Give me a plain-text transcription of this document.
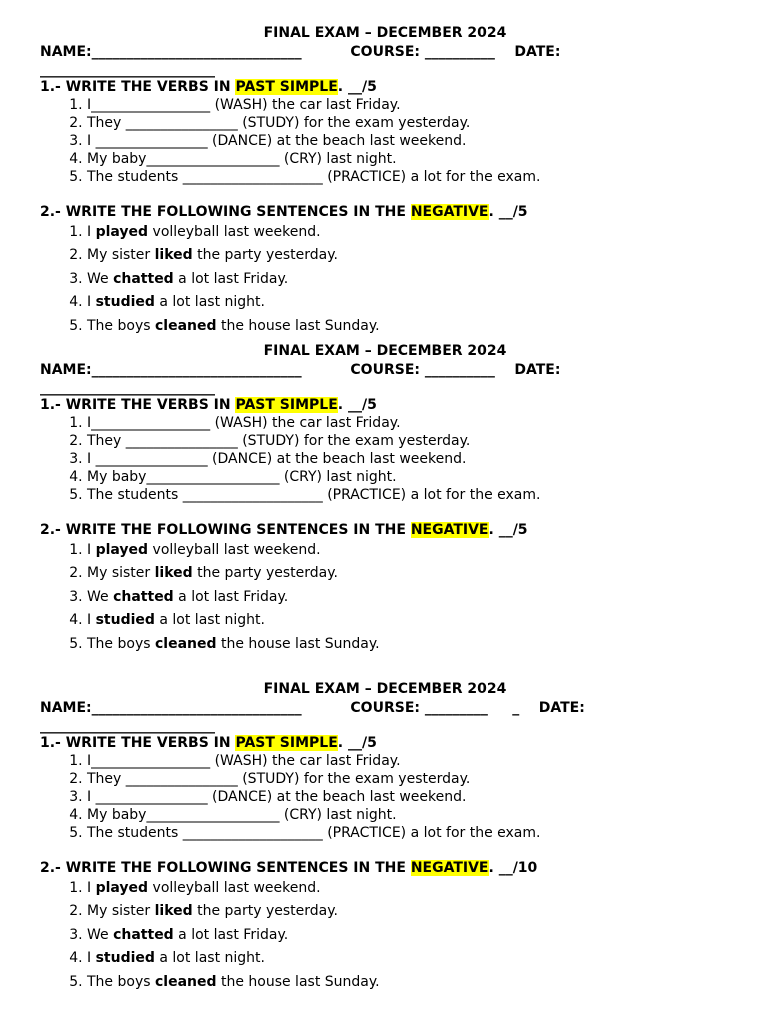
FINAL EXAM – DECEMBER 2024
NAME:______________________________	COURSE: __________ DATE:
_________________________
1.- WRITE THE VERBS IN PAST SIMPLE. __/5
1. I_________________ (WASH) the car last Friday.
2. They ________________ (STUDY) for the exam yesterday.
3. I ________________ (DANCE) at the beach last weekend.
4. My baby___________________ (CRY) last night.
5. The students ____________________ (PRACTICE) a lot for the exam.
2.- WRITE THE FOLLOWING SENTENCES IN THE NEGATIVE. __/5
1. I played volleyball last weekend.
2. My sister liked the party yesterday.
3. We chatted a lot last Friday.
4. I studied a lot last night.
5. The boys cleaned the house last Sunday.
FINAL EXAM – DECEMBER 2024
NAME:______________________________	COURSE: __________ DATE:
_________________________
1.- WRITE THE VERBS IN PAST SIMPLE. __/5
1. I_________________ (WASH) the car last Friday.
2. They ________________ (STUDY) for the exam yesterday.
3. I ________________ (DANCE) at the beach last weekend.
4. My baby___________________ (CRY) last night.
5. The students ____________________ (PRACTICE) a lot for the exam.
2.- WRITE THE FOLLOWING SENTENCES IN THE NEGATIVE. __/5
1. I played volleyball last weekend.
2. My sister liked the party yesterday.
3. We chatted a lot last Friday.
4. I studied a lot last night.
5. The boys cleaned the house last Sunday.
FINAL EXAM – DECEMBER 2024
NAME:______________________________	COURSE: _________     _ DATE:
_________________________
1.- WRITE THE VERBS IN PAST SIMPLE. __/5
1. I_________________ (WASH) the car last Friday.
2. They ________________ (STUDY) for the exam yesterday.
3. I ________________ (DANCE) at the beach last weekend.
4. My baby___________________ (CRY) last night.
5. The students ____________________ (PRACTICE) a lot for the exam.
2.- WRITE THE FOLLOWING SENTENCES IN THE NEGATIVE. __/10
1. I played volleyball last weekend.
2. My sister liked the party yesterday.
3. We chatted a lot last Friday.
4. I studied a lot last night.
5. The boys cleaned the house last Sunday.
